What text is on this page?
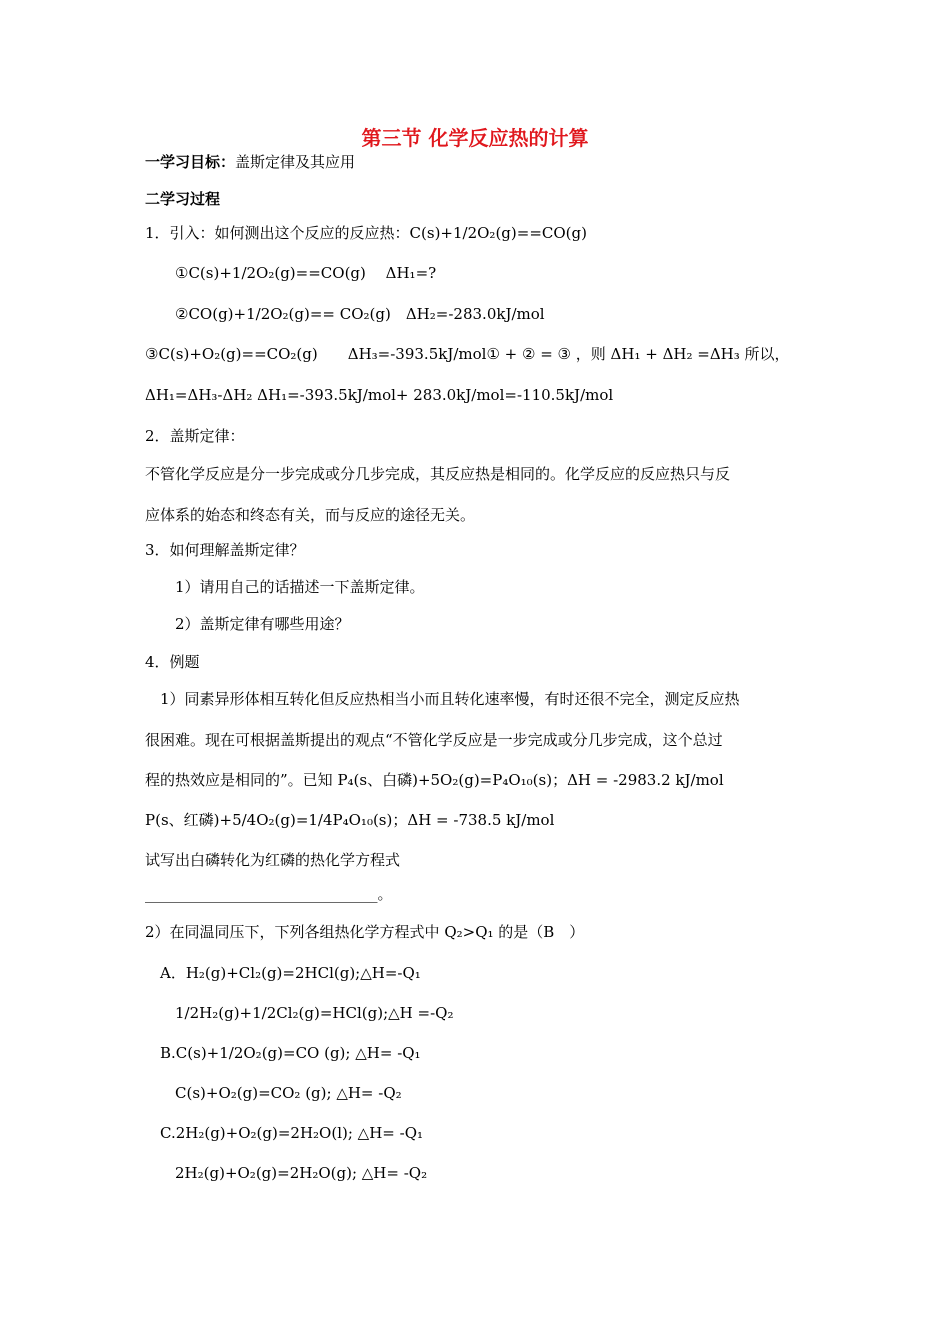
第三节 化学反应热的计算
一学习目标：盖斯定律及其应用
二学习过程
1．引入：如何测出这个反应的反应热：C(s)+1/2O₂(g)==CO(g)
①C(s)+1/2O₂(g)==CO(g)　 ΔH₁=?
②CO(g)+1/2O₂(g)== CO₂(g)　ΔH₂=-283.0kJ/mol
③C(s)+O₂(g)==CO₂(g)　　ΔH₃=-393.5kJ/mol① + ② = ③ ，则 ΔH₁ + ΔH₂ =ΔH₃ 所以，
ΔH₁=ΔH₃-ΔH₂ ΔH₁=-393.5kJ/mol+ 283.0kJ/mol=-110.5kJ/mol
2．盖斯定律：
不管化学反应是分一步完成或分几步完成，其反应热是相同的。化学反应的反应热只与反
应体系的始态和终态有关，而与反应的途径无关。
3．如何理解盖斯定律？
1）请用自己的话描述一下盖斯定律。
2）盖斯定律有哪些用途？
4．例题
1）同素异形体相互转化但反应热相当小而且转化速率慢，有时还很不完全，测定反应热
很困难。现在可根据盖斯提出的观点“不管化学反应是一步完成或分几步完成，这个总过
程的热效应是相同的”。已知 P₄(s、白磷)+5O₂(g)=P₄O₁₀(s)；ΔH = -2983.2 kJ/mol
P(s、红磷)+5/4O₂(g)=1/4P₄O₁₀(s)；ΔH = -738.5 kJ/mol
试写出白磷转化为红磷的热化学方程式
_______________________________。
2）在同温同压下，下列各组热化学方程式中 Q₂>Q₁ 的是（B　）
A．H₂(g)+Cl₂(g)=2HCl(g);△H=-Q₁
1/2H₂(g)+1/2Cl₂(g)=HCl(g);△H =-Q₂
B.C(s)+1/2O₂(g)=CO (g); △H= -Q₁
C(s)+O₂(g)=CO₂ (g); △H= -Q₂
C.2H₂(g)+O₂(g)=2H₂O(l); △H= -Q₁
2H₂(g)+O₂(g)=2H₂O(g); △H= -Q₂
